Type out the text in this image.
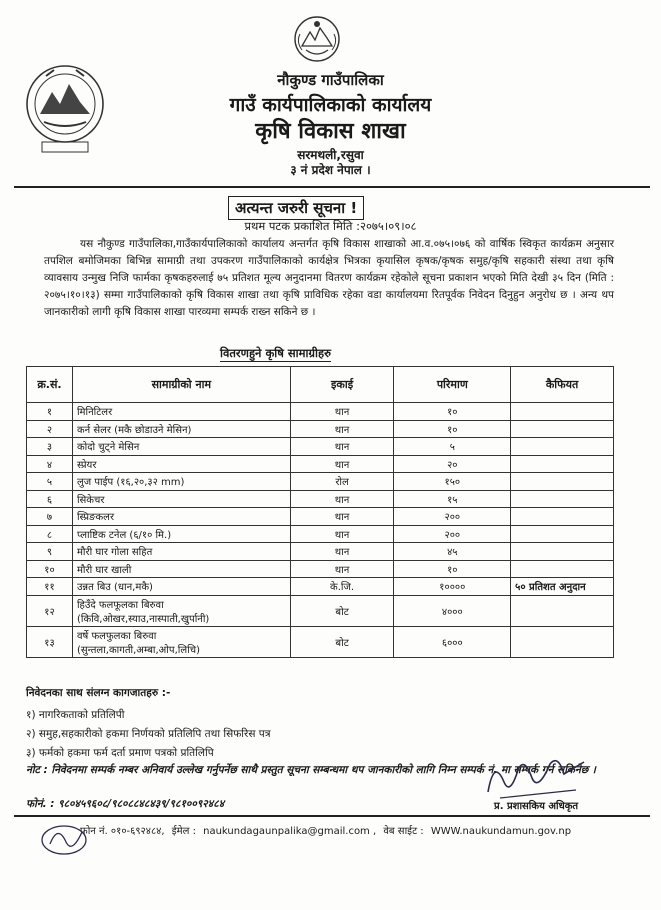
नौकुण्ड गाउँपालिका
गाउँ कार्यपालिकाको कार्यालय
कृषि विकास शाखा
सरमथली,रसुवा
३ नं प्रदेश नेपाल ।
अत्यन्त जरुरी सूचना !
प्रथम पटक प्रकाशित मिति :२०७५।०९।०८
यस नौकुण्ड गाउँपालिका,गाउँकार्यपालिकाको कार्यालय अन्तर्गत कृषि विकास शाखाको आ.व.०७५।०७६ को वार्षिक स्विकृत कार्यक्रम अनुसार तपशिल बमोजिमका बिभिन्न सामाग्री तथा उपकरण गाउँपालिकाको कार्यक्षेत्र भित्रका कृयासिल कृषक/कृषक समुह/कृषि सहकारी संस्था तथा कृषि व्यावसाय उन्मुख निजि फार्मका कृषकहरुलाई ७५ प्रतिशत मूल्य अनुदानमा वितरण कार्यक्रम रहेकोले सूचना प्रकाशन भएको मिति देखी ३५ दिन (मिति : २०७५।१०।१३) सम्मा गाउँपालिकाको कृषि विकास शाखा तथा कृषि प्राविधिक रहेका वडा कार्यालयमा रितपूर्वक निवेदन दिनुहुन अनुरोध छ । अन्य थप जानकारीको लागी कृषि विकास शाखा पारव्यमा सम्पर्क राख्न सकिने छ ।
वितरणहुने कृषि सामाग्रीहरु
क्र.सं.	सामाग्रीको नाम	इकाई	परिमाण	कैफियत
१	मिनिटिलर	थान	१०	
२	कर्न सेलर (मकै छोडाउने मेसिन)	थान	१०	
३	कोदो चुट्ने मेसिन	थान	५	
४	स्प्रेयर	थान	२०	
५	लुज पाईप (१६,२०,३२ mm)	रोल	१५०	
६	सिकेचर	थान	१५	
७	स्प्रिङकलर	थान	२००	
८	प्लाष्टिक टनेल (६/१० मि.)	थान	२००	
९	मौरी घार गोला सहित	थान	४५	
१०	मौरी घार खाली	थान	१०	
११	उन्नत बिउ (धान,मकै)	के.जि.	१००००	५० प्रतिशत अनुदान
१२	हिउँदे फलफूलका बिरुवा
(किवि,ओखर,स्याउ,नास्पाती,खुर्पानी)	बोट	४०००	
१३	वर्षे फलफुलका बिरुवा
(सुन्तला,कागती,अम्बा,ओप,लिचि)	बोट	६०००	
निवेदनका साथ संलग्न कागजातहरु :-
१) नागरिकताको प्रतिलिपी
२) समुह,सहकारीको हकमा निर्णयको प्रतिलिपि तथा सिफरिस पत्र
३) फर्मको हकमा फर्म दर्ता प्रमाण पत्रको प्रतिलिपि
नोट : निवेदनमा सम्पर्क नम्बर अनिवार्य उल्लेख गर्नुपर्नेछ साथै प्रस्तुत सूचना सम्बन्धमा थप जानकारीको लागि निम्न सम्पर्क नं. मा सम्पर्क गर्न सकिनेछ ।
फोनं. : ९८०४५९६०८/९८०८८४८४३९/९८१००९२४८४	प्र. प्रशासकिय अधिकृत
फोन नं. ०१०-६९२४८४, ईमेल : naukundagaunpalika@gmail.com , वेब साईट : WWW.naukundamun.gov.np
